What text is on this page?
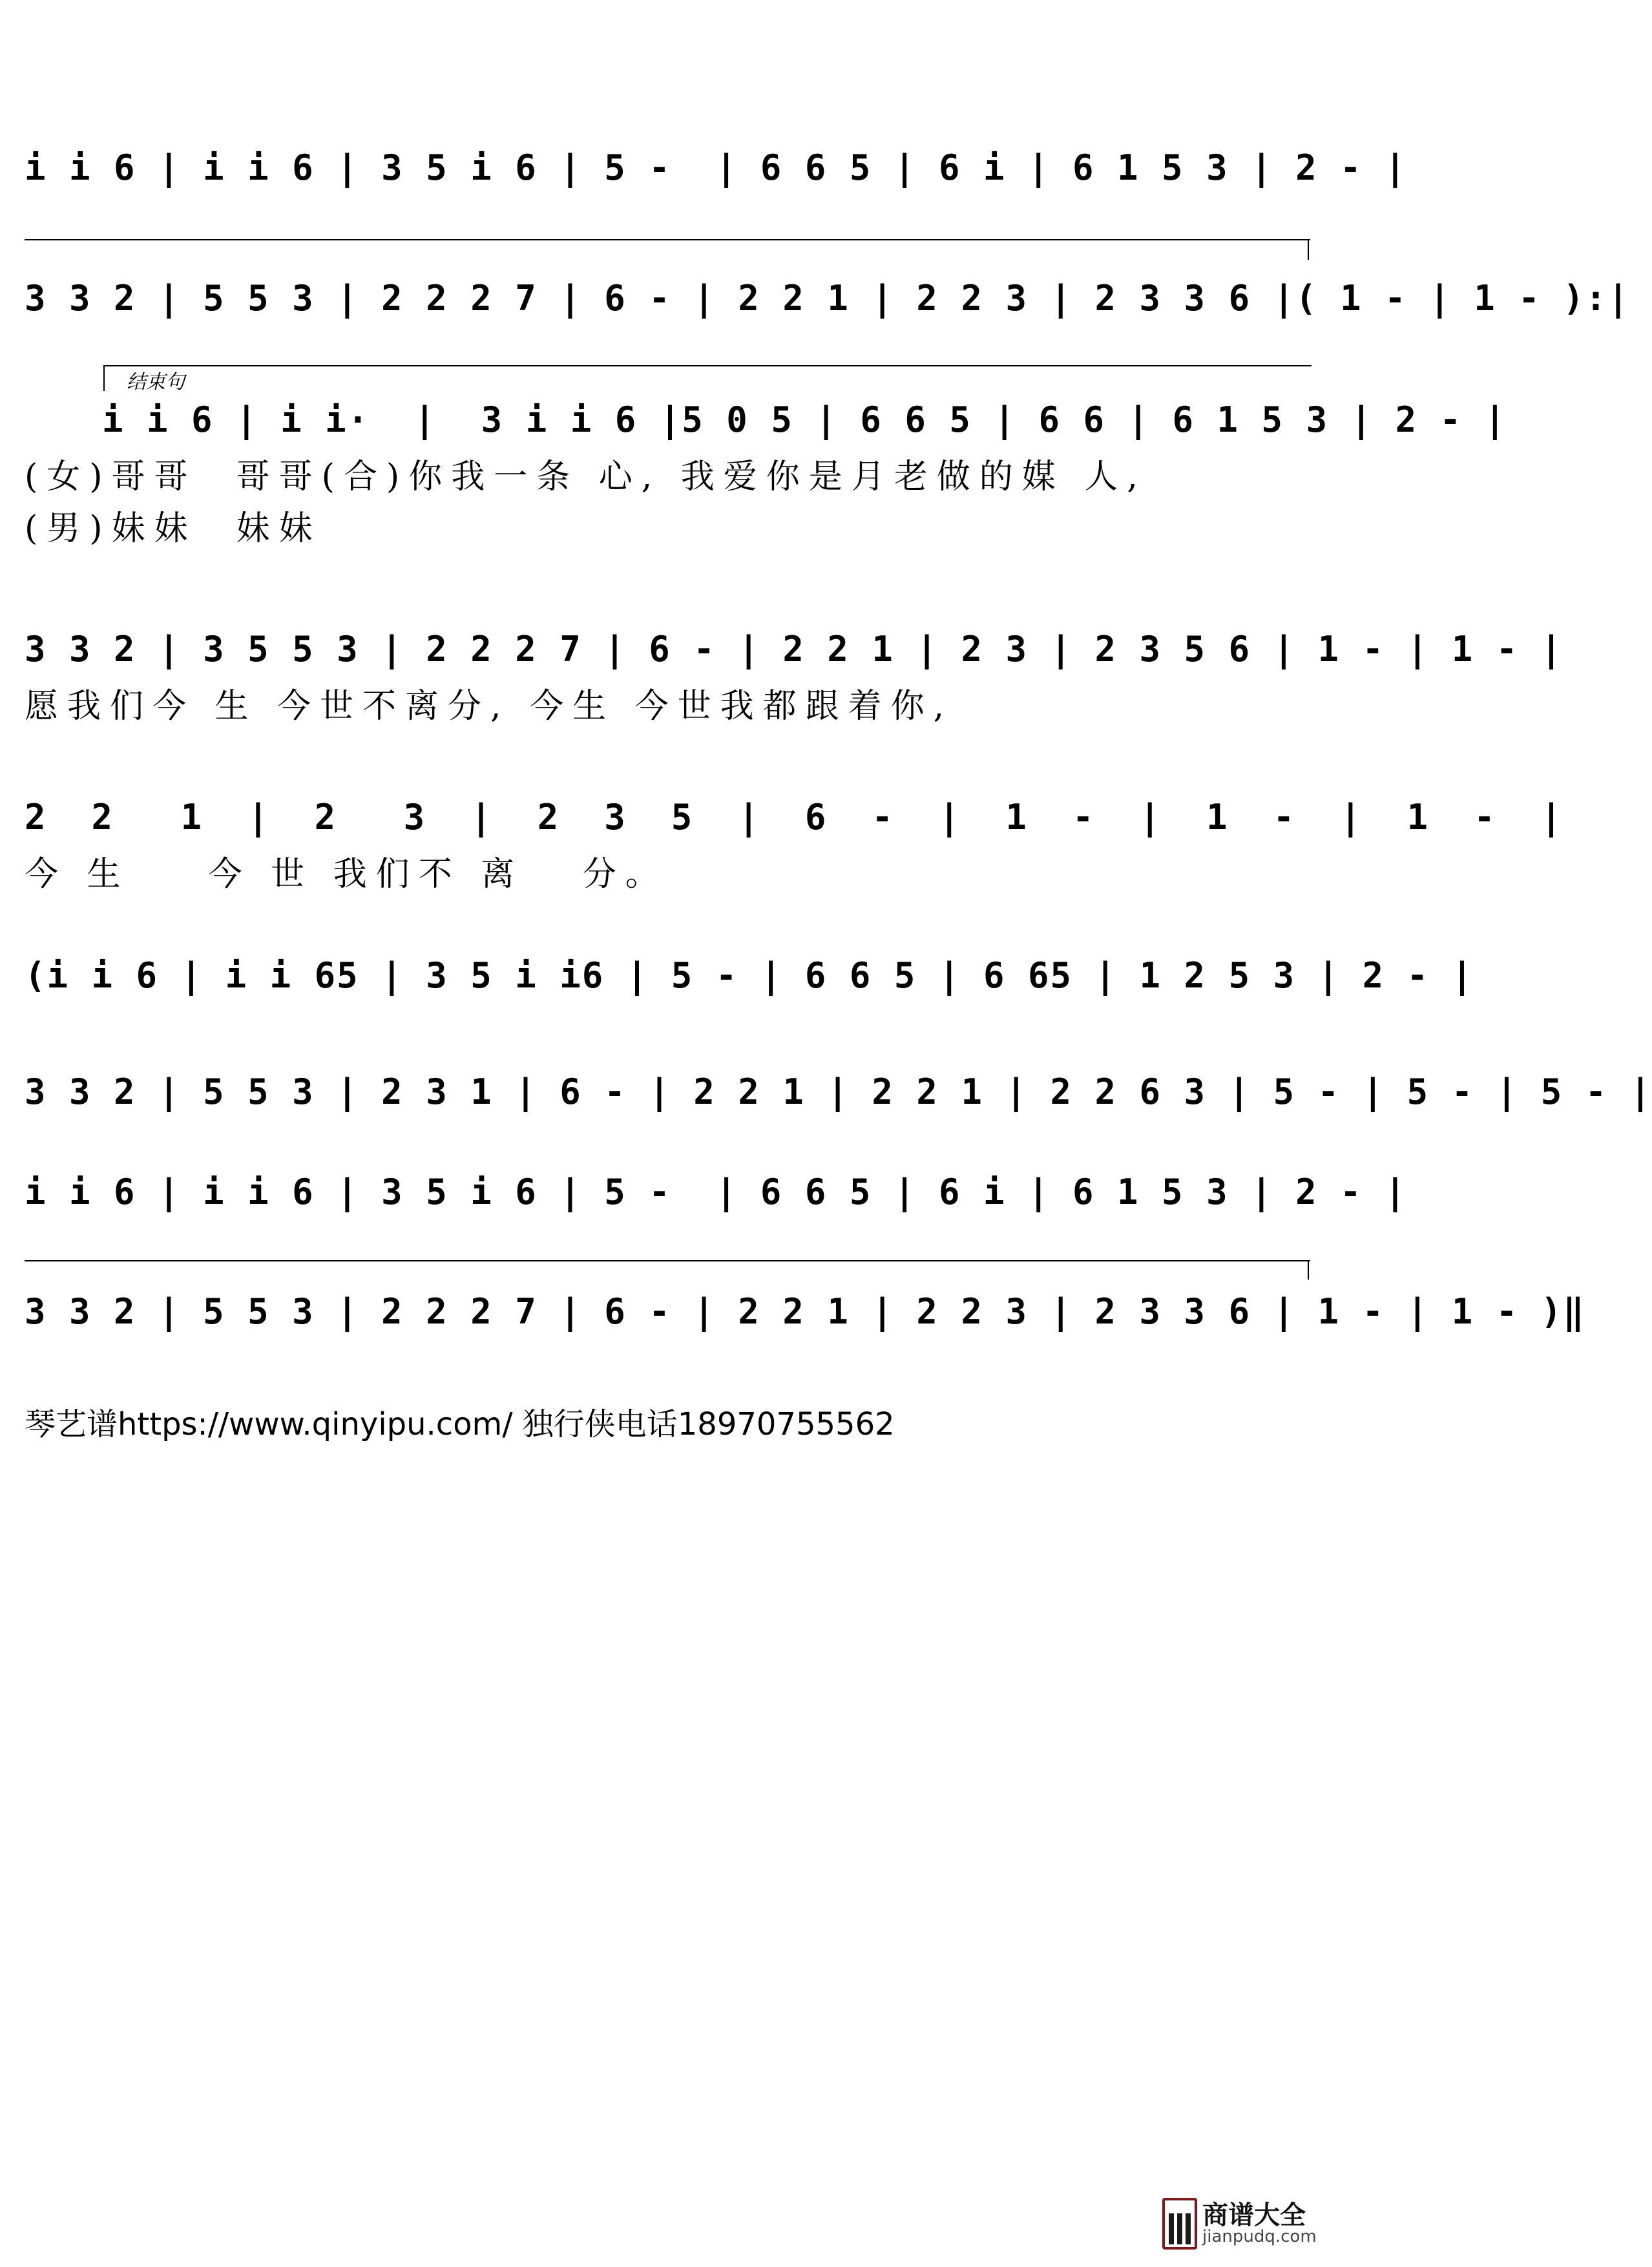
i i 6 | i i 6 | 3 5 i 6 | 5 -  | 6 6 5 | 6 i | 6 1 5 3 | 2 - |
3 3 2 | 5 5 3 | 2 2 2 7 | 6 - | 2 2 1 | 2 2 3 | 2 3 3 6 |( 1 - | 1 - ):|
结束句
i i 6 | i i·  |  3 i i 6 |5 0 5 | 6 6 5 | 6 6 | 6 1 5 3 | 2 - |
(女)哥哥  哥哥(合)你我一条 心, 我爱你是月老做的媒 人,
(男)妹妹  妹妹
3 3 2 | 3 5 5 3 | 2 2 2 7 | 6 - | 2 2 1 | 2 3 | 2 3 5 6 | 1 - | 1 - |
愿我们今 生 今世不离分, 今生 今世我都跟着你,
2  2   1  |  2   3  |  2  3  5  |  6  -  |  1  -  |  1  -  |  1  -  |
今 生    今 世 我们不 离   分。
(i i 6 | i i 65 | 3 5 i i6 | 5 - | 6 6 5 | 6 65 | 1 2 5 3 | 2 - |
3 3 2 | 5 5 3 | 2 3 1 | 6 - | 2 2 1 | 2 2 1 | 2 2 6 3 | 5 - | 5 - | 5 - |
i i 6 | i i 6 | 3 5 i 6 | 5 -  | 6 6 5 | 6 i | 6 1 5 3 | 2 - |
3 3 2 | 5 5 3 | 2 2 2 7 | 6 - | 2 2 1 | 2 2 3 | 2 3 3 6 | 1 - | 1 - )‖
琴艺谱https://www.qinyipu.com/ 独行侠电话18970755562
商谱大全
jianpudq.com
